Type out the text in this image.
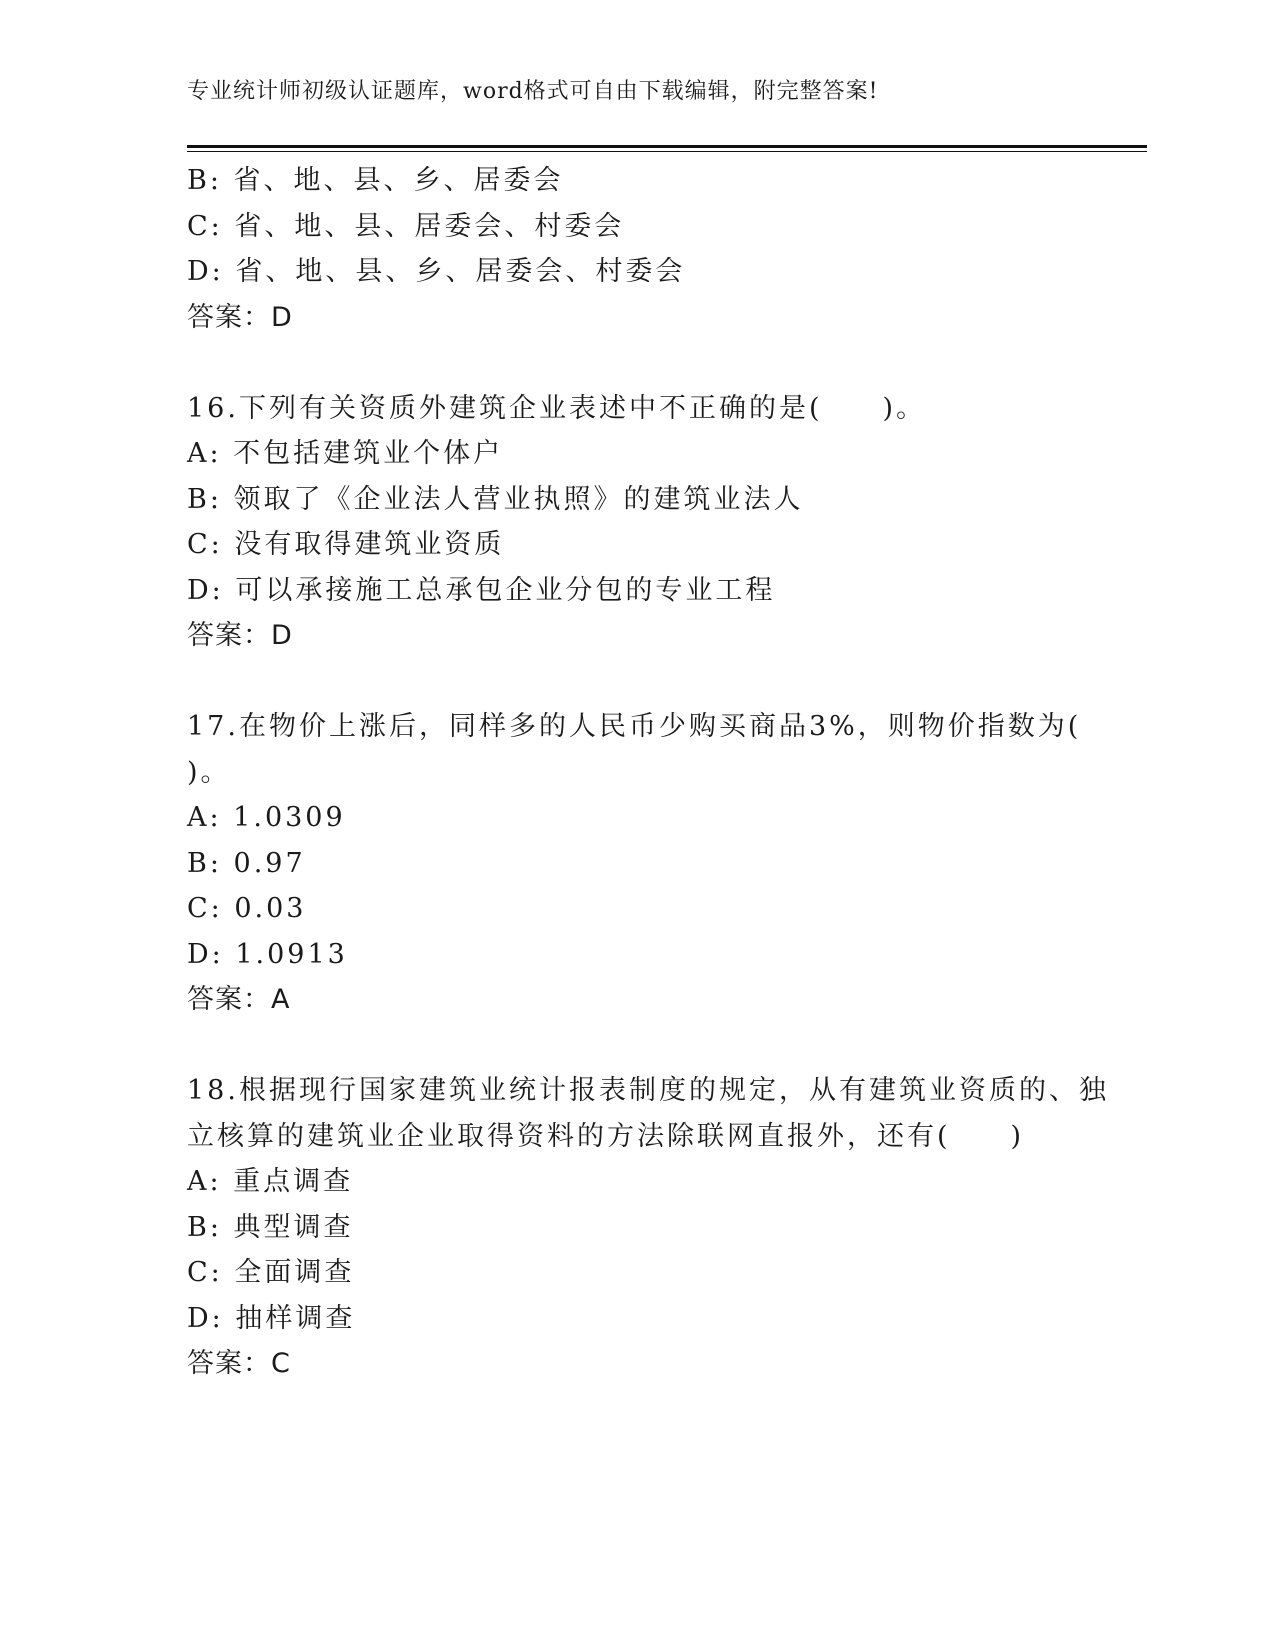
专业统计师初级认证题库，word格式可自由下载编辑，附完整答案!
B: 省、地、县、乡、居委会
C: 省、地、县、居委会、村委会
D: 省、地、县、乡、居委会、村委会
答案：D
16.下列有关资质外建筑企业表述中不正确的是(　　)。
A: 不包括建筑业个体户
B: 领取了《企业法人营业执照》的建筑业法人
C: 没有取得建筑业资质
D: 可以承接施工总承包企业分包的专业工程
答案：D
17.在物价上涨后，同样多的人民币少购买商品3%，则物价指数为(
)。
A: 1.0309
B: 0.97
C: 0.03
D: 1.0913
答案：A
18.根据现行国家建筑业统计报表制度的规定，从有建筑业资质的、独
立核算的建筑业企业取得资料的方法除联网直报外，还有(　　)
A: 重点调查
B: 典型调查
C: 全面调查
D: 抽样调查
答案：C
